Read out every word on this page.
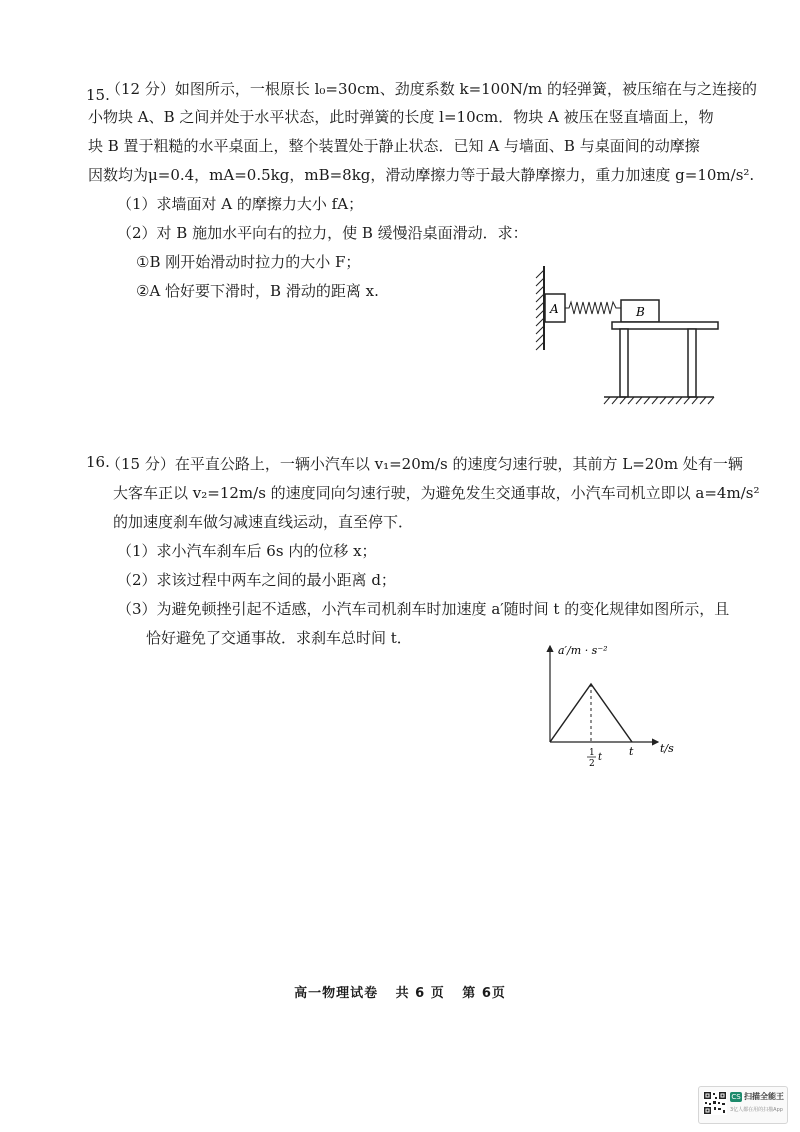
15.
（12 分）如图所示，一根原长 l₀=30cm、劲度系数 k=100N/m 的轻弹簧，被压缩在与之连接的
小物块 A、B 之间并处于水平状态，此时弹簧的长度 l=10cm．物块 A 被压在竖直墙面上，物
块 B 置于粗糙的水平桌面上，整个装置处于静止状态．已知 A 与墙面、B 与桌面间的动摩擦
因数均为μ=0.4，mA=0.5kg，mB=8kg，滑动摩擦力等于最大静摩擦力，重力加速度 g=10m/s².
（1）求墙面对 A 的摩擦力大小 fA；
（2）对 B 施加水平向右的拉力，使 B 缓慢沿桌面滑动．求：
①B 刚开始滑动时拉力的大小 F；
②A 恰好要下滑时，B 滑动的距离 x.
A	B
16.
（15 分）在平直公路上，一辆小汽车以 v₁=20m/s 的速度匀速行驶，其前方 L=20m 处有一辆
大客车正以 v₂=12m/s 的速度同向匀速行驶，为避免发生交通事故，小汽车司机立即以 a=4m/s²
的加速度刹车做匀减速直线运动，直至停下．
（1）求小汽车刹车后 6s 内的位移 x；
（2）求该过程中两车之间的最小距离 d；
（3）为避免顿挫引起不适感，小汽车司机刹车时加速度 a′随时间 t 的变化规律如图所示，且
恰好避免了交通事故．求刹车总时间 t．
a′/m · s⁻²
t/s
1
2
t t
高一物理试卷 共 6 页 第 6页
CS 扫描全能王
3亿人都在用的扫描App
